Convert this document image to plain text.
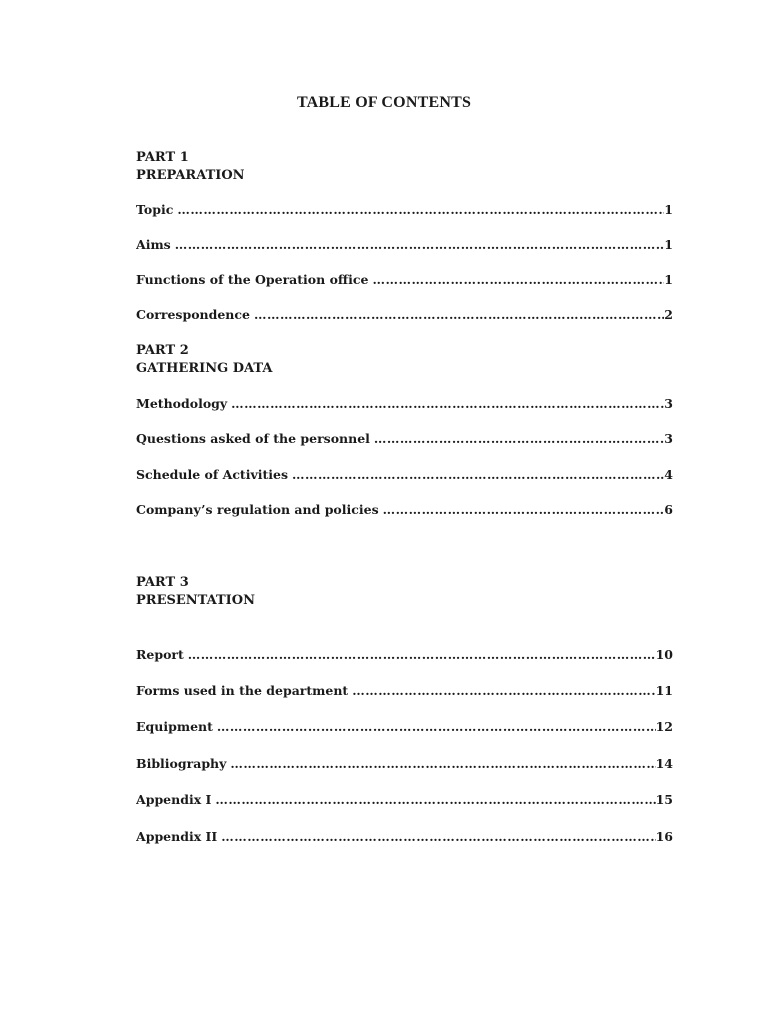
TABLE OF CONTENTS
PART 1
PREPARATION
Topic …………………………………………………………………………………………………………………………………………………………………………………………………………………………………………………	1
Aims …………………………………………………………………………………………………………………………………………………………………………………………………………………………………………………	1
Functions of the Operation office …………………………………………………………………………………………………………………………………………………………………………………………………………………………………………………	1
Correspondence …………………………………………………………………………………………………………………………………………………………………………………………………………………………………………………	2
PART 2
GATHERING DATA
Methodology …………………………………………………………………………………………………………………………………………………………………………………………………………………………………………………	3
Questions asked of the personnel …………………………………………………………………………………………………………………………………………………………………………………………………………………………………………………	3
Schedule of Activities …………………………………………………………………………………………………………………………………………………………………………………………………………………………………………………	4
Company’s regulation and policies …………………………………………………………………………………………………………………………………………………………………………………………………………………………………………………	6
PART 3
PRESENTATION
Report …………………………………………………………………………………………………………………………………………………………………………………………………………………………………………………	10
Forms used in the department …………………………………………………………………………………………………………………………………………………………………………………………………………………………………………………	11
Equipment …………………………………………………………………………………………………………………………………………………………………………………………………………………………………………………	12
Bibliography …………………………………………………………………………………………………………………………………………………………………………………………………………………………………………………	14
Appendix I …………………………………………………………………………………………………………………………………………………………………………………………………………………………………………………	15
Appendix II …………………………………………………………………………………………………………………………………………………………………………………………………………………………………………………	16
